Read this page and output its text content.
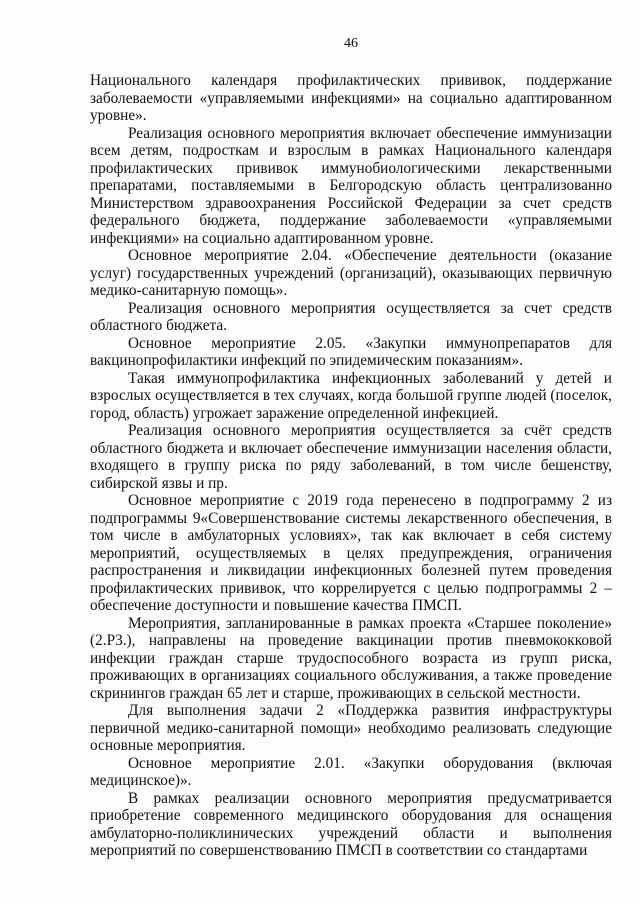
46

Национального календаря профилактических прививок, поддержание заболеваемости «управляемыми инфекциями» на социально адаптированном уровне».

Реализация основного мероприятия включает обеспечение иммунизации всем детям, подросткам и взрослым в рамках Национального календаря профилактических прививок иммунобиологическими лекарственными препаратами, поставляемыми в Белгородскую область централизованно Министерством здравоохранения Российской Федерации за счет средств федерального бюджета, поддержание заболеваемости «управляемыми инфекциями» на социально адаптированном уровне.

Основное мероприятие 2.04. «Обеспечение деятельности (оказание услуг) государственных учреждений (организаций), оказывающих первичную медико-санитарную помощь».

Реализация основного мероприятия осуществляется за счет средств областного бюджета.

Основное мероприятие 2.05. «Закупки иммунопрепаратов для вакцинопрофилактики инфекций по эпидемическим показаниям».

Такая иммунопрофилактика инфекционных заболеваний у детей и взрослых осуществляется в тех случаях, когда большой группе людей (поселок, город, область) угрожает заражение определенной инфекцией.

Реализация основного мероприятия осуществляется за счёт средств областного бюджета и включает обеспечение иммунизации населения области, входящего в группу риска по ряду заболеваний, в том числе бешенству, сибирской язвы и пр.

Основное мероприятие с 2019 года перенесено в подпрограмму 2 из подпрограммы 9«Совершенствование системы лекарственного обеспечения, в том числе в амбулаторных условиях», так как включает в себя систему мероприятий, осуществляемых в целях предупреждения, ограничения распространения и ликвидации инфекционных болезней путем проведения профилактических прививок, что коррелируется с целью подпрограммы 2 – обеспечение доступности и повышение качества ПМСП.

Мероприятия, запланированные в рамках проекта «Старшее поколение» (2.Р3.), направлены на проведение вакцинации против пневмококковой инфекции граждан старше трудоспособного возраста из групп риска, проживающих в организациях социального обслуживания, а также проведение скринингов граждан 65 лет и старше, проживающих в сельской местности.

Для выполнения задачи 2 «Поддержка развития инфраструктуры первичной медико-санитарной помощи» необходимо реализовать следующие основные мероприятия.

Основное мероприятие 2.01. «Закупки оборудования (включая медицинское)».

В рамках реализации основного мероприятия предусматривается приобретение современного медицинского оборудования для оснащения амбулаторно-поликлинических учреждений области и выполнения мероприятий по совершенствованию ПМСП в соответствии со стандартами
